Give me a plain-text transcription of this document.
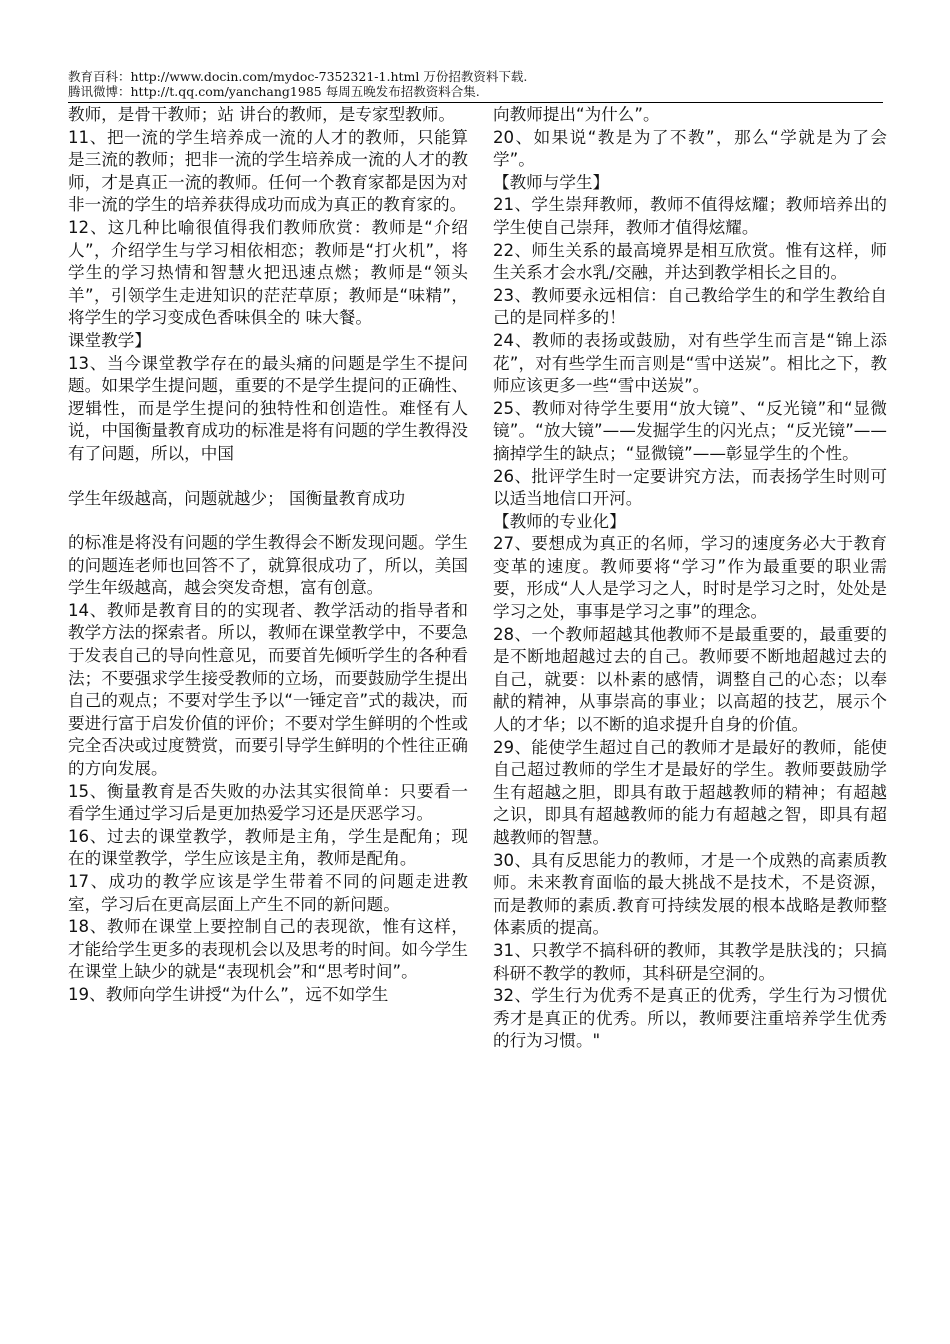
教育百科：http://www.docin.com/mydoc-7352321-1.html 万份招教资料下载.
腾讯微博：http://t.qq.com/yanchang1985 每周五晚发布招教资料合集.

教师，是骨干教师；站 讲台的教师，是专家型教师。

11、把一流的学生培养成一流的人才的教师，只能算是三流的教师；把非一流的学生培养成一流的人才的教师，才是真正一流的教师。任何一个教育家都是因为对非一流的学生的培养获得成功而成为真正的教育家的。

12、这几种比喻很值得我们教师欣赏：教师是“介绍人”，介绍学生与学习相依相恋；教师是“打火机”，将学生的学习热情和智慧火把迅速点燃；教师是“领头羊”，引领学生走进知识的茫茫草原；教师是“味精”，将学生的学习变成色香味俱全的 味大餐。

课堂教学】

13、当今课堂教学存在的最头痛的问题是学生不提问题。如果学生提问题，重要的不是学生提问的正确性、逻辑性，而是学生提问的独特性和创造性。难怪有人说，中国衡量教育成功的标准是将有问题的学生教得没有了问题，所以，中国

学生年级越高，问题就越少； 国衡量教育成功

的标准是将没有问题的学生教得会不断发现问题。学生的问题连老师也回答不了，就算很成功了，所以，美国学生年级越高，越会突发奇想，富有创意。

14、教师是教育目的的实现者、教学活动的指导者和教学方法的探索者。所以，教师在课堂教学中，不要急于发表自己的导向性意见，而要首先倾听学生的各种看法；不要强求学生接受教师的立场，而要鼓励学生提出自己的观点；不要对学生予以“一锤定音”式的裁决，而要进行富于启发价值的评价；不要对学生鲜明的个性或完全否决或过度赞赏，而要引导学生鲜明的个性往正确的方向发展。

15、衡量教育是否失败的办法其实很简单：只要看一看学生通过学习后是更加热爱学习还是厌恶学习。

16、过去的课堂教学，教师是主角，学生是配角；现在的课堂教学，学生应该是主角，教师是配角。

17、成功的教学应该是学生带着不同的问题走进教室，学习后在更高层面上产生不同的新问题。

18、教师在课堂上要控制自己的表现欲，惟有这样，才能给学生更多的表现机会以及思考的时间。如今学生在课堂上缺少的就是“表现机会”和“思考时间”。

19、教师向学生讲授“为什么”，远不如学生

向教师提出“为什么”。

20、如果说“教是为了不教”，那么“学就是为了会学”。

【教师与学生】

21、学生崇拜教师，教师不值得炫耀；教师培养出的学生使自己崇拜，教师才值得炫耀。

22、师生关系的最高境界是相互欣赏。惟有这样，师生关系才会水乳/交融，并达到教学相长之目的。

23、教师要永远相信：自己教给学生的和学生教给自己的是同样多的！

24、教师的表扬或鼓励，对有些学生而言是“锦上添花”，对有些学生而言则是“雪中送炭”。相比之下，教师应该更多一些“雪中送炭”。

25、教师对待学生要用“放大镜”、“反光镜”和“显微镜”。“放大镜”——发掘学生的闪光点；“反光镜”——摘掉学生的缺点；“显微镜”——彰显学生的个性。

26、批评学生时一定要讲究方法，而表扬学生时则可以适当地信口开河。

【教师的专业化】

27、要想成为真正的名师，学习的速度务必大于教育变革的速度。教师要将“学习”作为最重要的职业需要，形成“人人是学习之人，时时是学习之时，处处是学习之处，事事是学习之事”的理念。

28、一个教师超越其他教师不是最重要的，最重要的是不断地超越过去的自己。教师要不断地超越过去的自己，就要：以朴素的感情，调整自己的心态；以奉献的精神，从事崇高的事业；以高超的技艺，展示个人的才华；以不断的追求提升自身的价值。

29、能使学生超过自己的教师才是最好的教师，能使自己超过教师的学生才是最好的学生。教师要鼓励学生有超越之胆，即具有敢于超越教师的精神；有超越之识，即具有超越教师的能力有超越之智，即具有超越教师的智慧。

30、具有反思能力的教师，才是一个成熟的高素质教师。未来教育面临的最大挑战不是技术，不是资源，而是教师的素质.教育可持续发展的根本战略是教师整体素质的提高。

31、只教学不搞科研的教师，其教学是肤浅的；只搞科研不教学的教师，其科研是空洞的。

32、学生行为优秀不是真正的优秀，学生行为习惯优秀才是真正的优秀。所以，教师要注重培养学生优秀的行为习惯。"
